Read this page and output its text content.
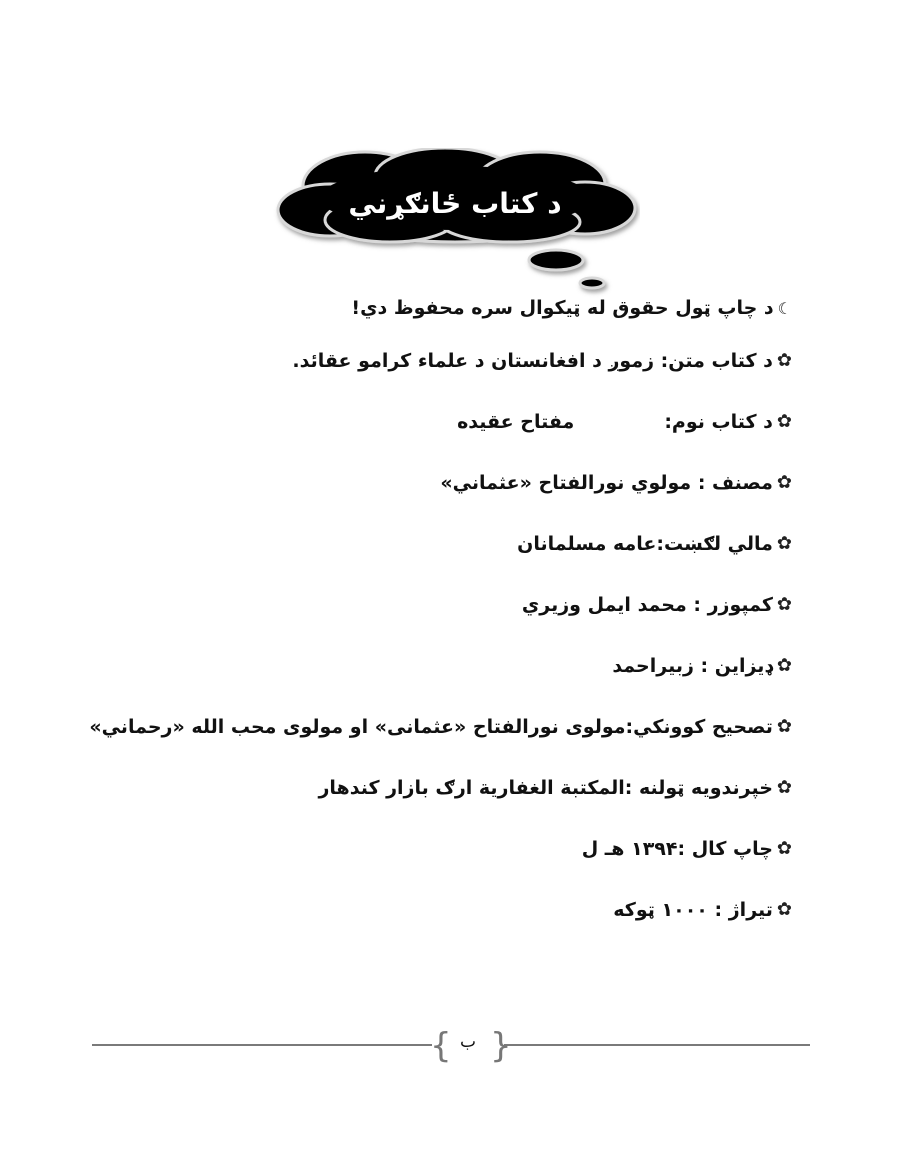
د کتاب ځانګړني
☾
د چاپ ټول حقوق له ټیکوال سره محفوظ دي!
✿
د کتاب متن:

زموږ د افغانستان د علماء کرامو عقائد.
✿
د کتاب نوم:
مفتاح عقیده
✿
مصنف :

مولوي نورالفتاح «عثماني»
✿
مالي لګښت:
عامه مسلمانان
✿
کمپوزر :

محمد ایمل وزیري
✿
ډیزاین :

زبیراحمد
✿
تصحیح کوونکي:
مولوی نورالفتاح «عثمانی» او مولوی محب الله «رحماني»
✿
خپرندویه ټولنه :
المکتبة الغفاریة ارګ بازار کندهار
✿
چاپ کال :
۱۳۹۴ هـ ل
✿
تیراژ :

۱۰۰۰ ټوکه
{ }
ب
